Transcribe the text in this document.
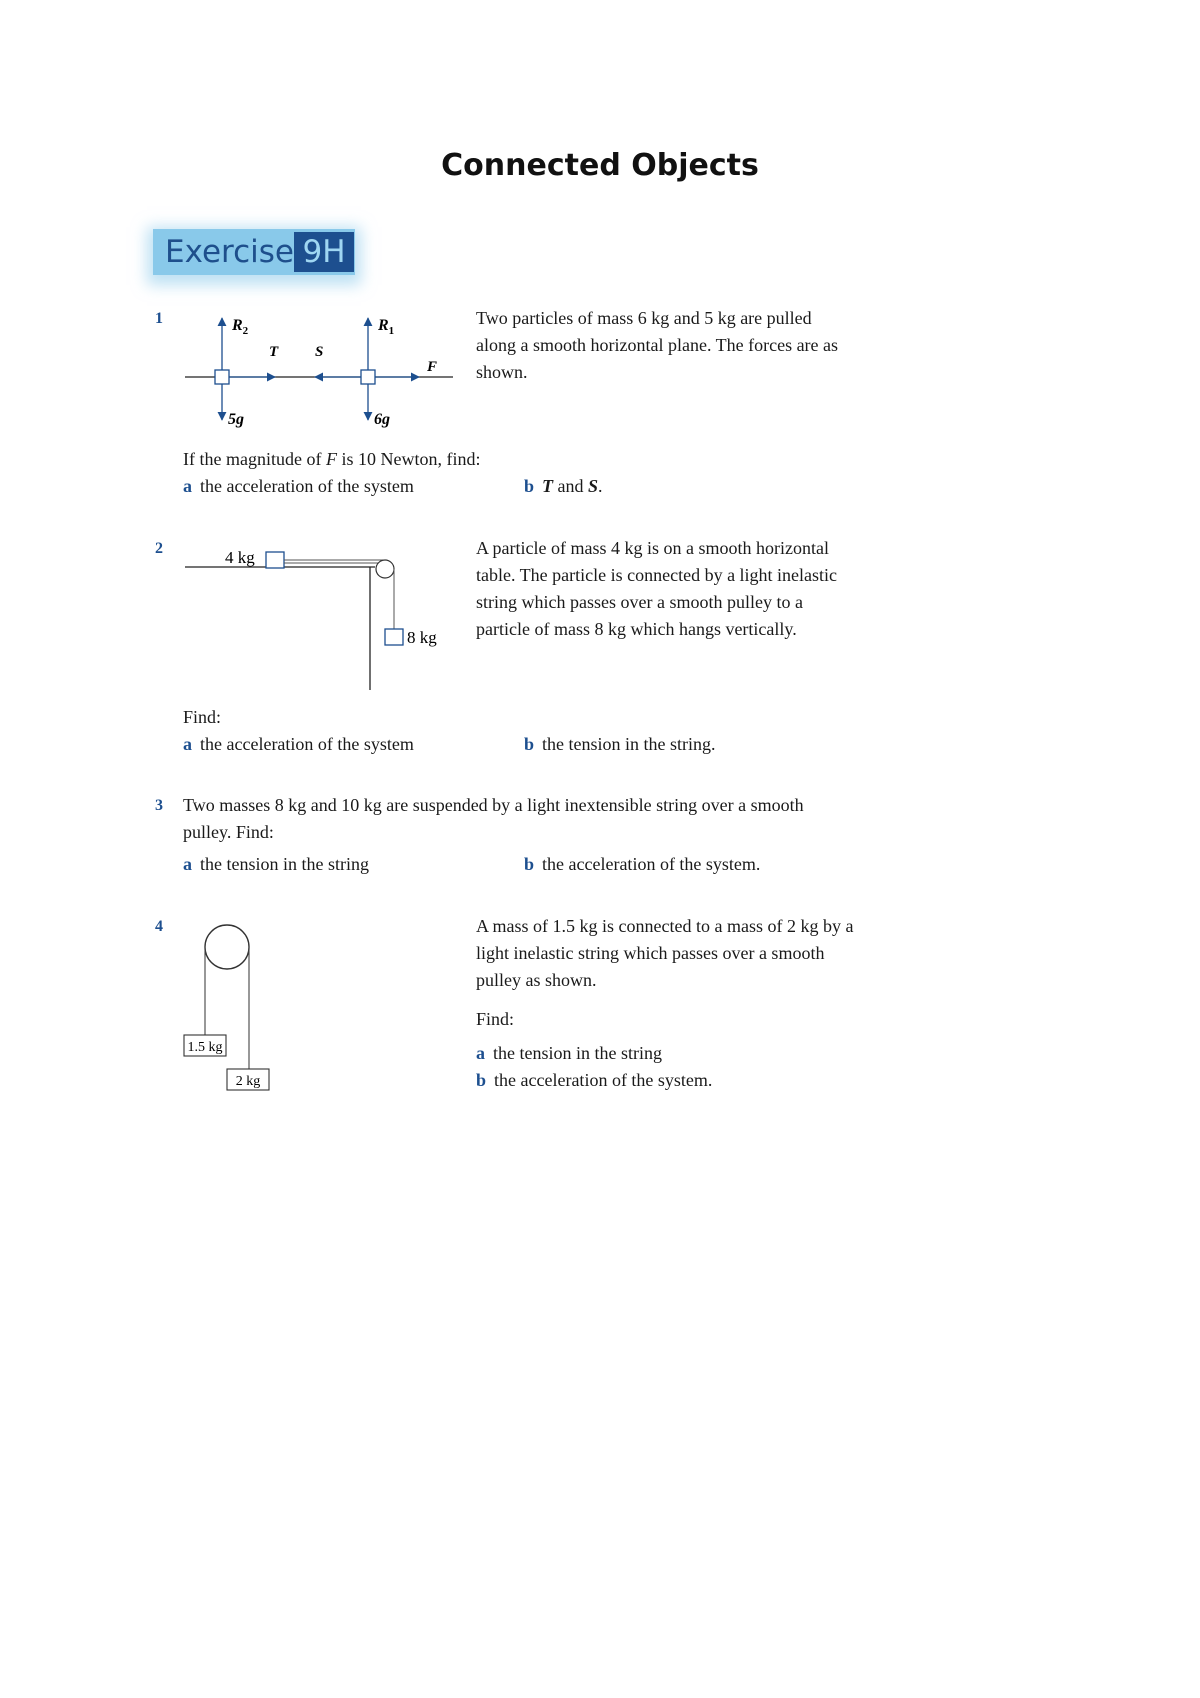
Connected Objects
Exercise 9H
1	$R_2$	$R_1$
T S
F
5g	6g
Two particles of mass 6 kg and 5 kg are pulled
along a smooth horizontal plane. The forces are as
shown.
If the magnitude of F is 10 Newton, find:
a the acceleration of the system	b T and S.
2	4 kg
8 kg
A particle of mass 4 kg is on a smooth horizontal
table. The particle is connected by a light inelastic
string which passes over a smooth pulley to a
particle of mass 8 kg which hangs vertically.
Find:
a the acceleration of the system	b the tension in the string.
3 Two masses 8 kg and 10 kg are suspended by a light inextensible string over a smooth
pulley. Find:
a the tension in the string	b the acceleration of the system.
4
1.5 kg
2 kg
A mass of 1.5 kg is connected to a mass of 2 kg by a
light inelastic string which passes over a smooth
pulley as shown.
Find:
a the tension in the string
b the acceleration of the system.
